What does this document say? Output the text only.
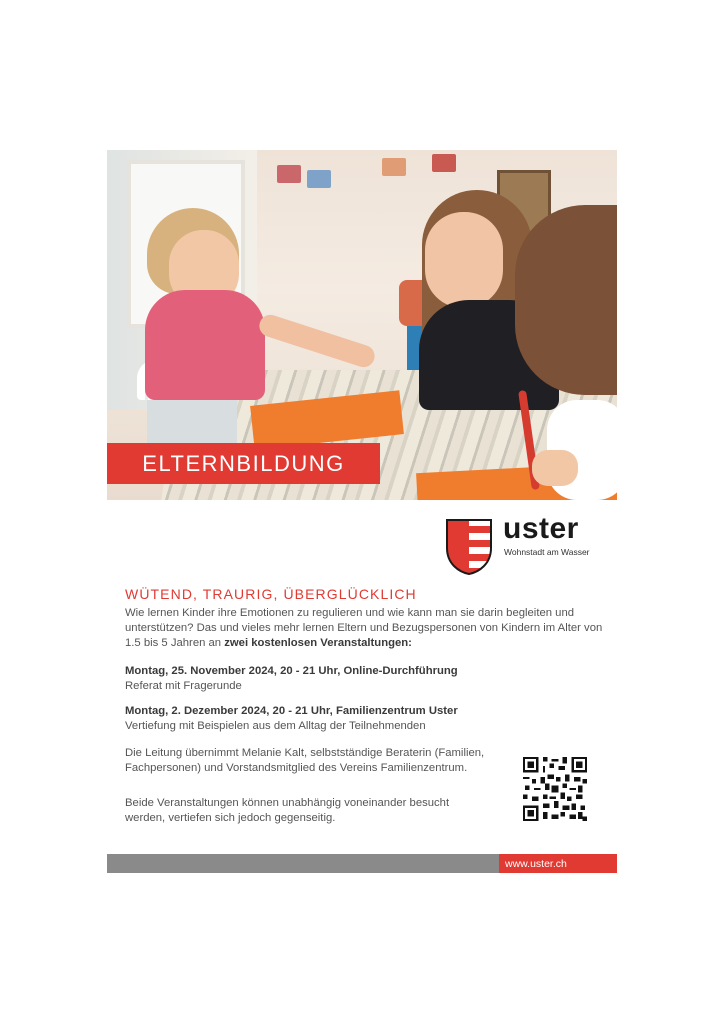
ELTERNBILDUNG
uster
Wohnstadt am Wasser
WÜTEND, TRAURIG, ÜBERGLÜCKLICH
Wie lernen Kinder ihre Emotionen zu regulieren und wie kann man sie darin begleiten und unterstützen? Das und vieles mehr lernen Eltern und Bezugspersonen von Kindern im Alter von 1.5 bis 5 Jahren an zwei kostenlosen Veranstaltungen:
Montag, 25. November 2024, 20 - 21 Uhr, Online-Durchführung
Referat mit Fragerunde
Montag, 2. Dezember 2024, 20 - 21 Uhr, Familienzentrum Uster
Vertiefung mit Beispielen aus dem Alltag der Teilnehmenden
Die Leitung übernimmt Melanie Kalt, selbstständige Beraterin (Familien, Fachpersonen) und Vorstandsmitglied des Vereins Familienzentrum.
Beide Veranstaltungen können unabhängig voneinander besucht werden, vertiefen sich jedoch gegenseitig.
www.uster.ch
